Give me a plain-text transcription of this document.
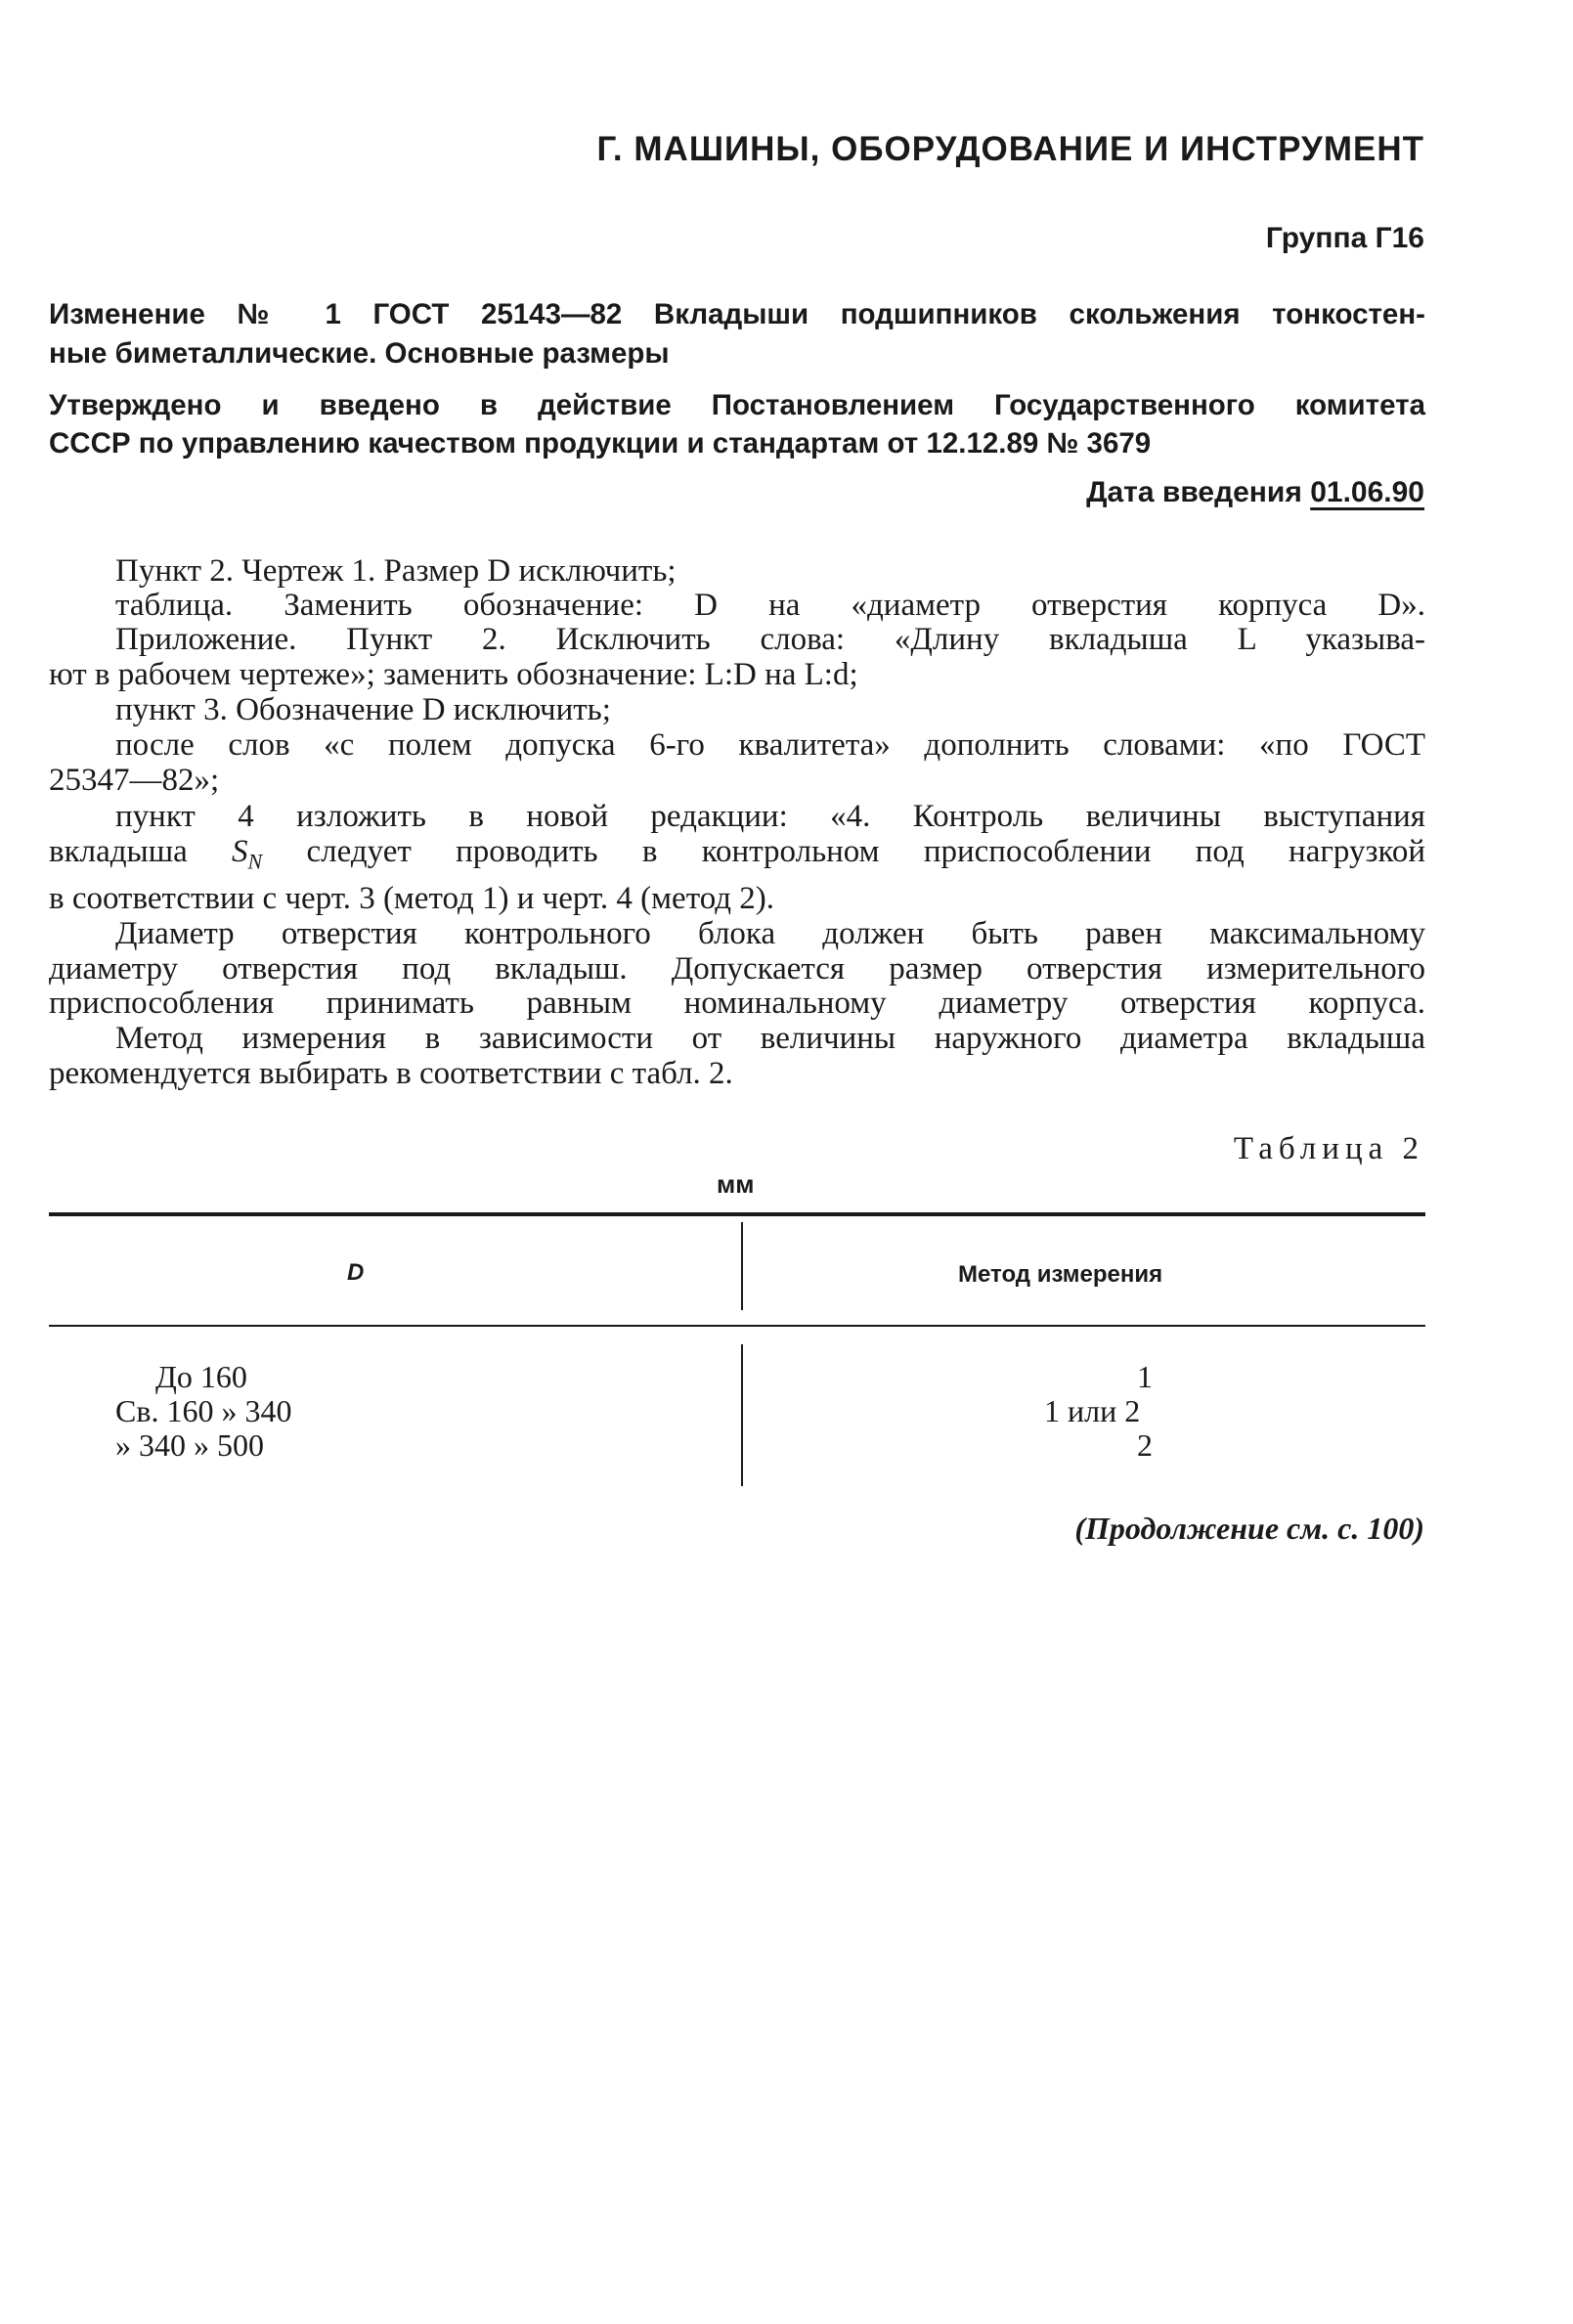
Г. МАШИНЫ, ОБОРУДОВАНИЕ И ИНСТРУМЕНТ
Группа Г16
Изменение № 1 ГОСТ 25143—82 Вкладыши подшипников скольжения тонкостен-
ные биметаллические. Основные размеры
Утверждено и введено в действие Постановлением Государственного комитета
СССР по управлению качеством продукции и стандартам от 12.12.89 № 3679
Дата введения 01.06.90
Пункт 2. Чертеж 1. Размер D исключить;
таблица. Заменить обозначение: D на «диаметр отверстия корпуса D».
Приложение. Пункт 2. Исключить слова: «Длину вкладыша L указыва-
ют в рабочем чертеже»; заменить обозначение: L:D на L:d;
пункт 3. Обозначение D исключить;
после слов «с полем допуска 6-го квалитета» дополнить словами: «по ГОСТ
25347—82»;
пункт 4 изложить в новой редакции: «4. Контроль величины выступания
вкладыша $S_N$ следует проводить в контрольном приспособлении под нагрузкой
в соответствии с черт. 3 (метод 1) и черт. 4 (метод 2).
Диаметр отверстия контрольного блока должен быть равен максимальному
диаметру отверстия под вкладыш. Допускается размер отверстия измерительного
приспособления принимать равным номинальному диаметру отверстия корпуса.
Метод измерения в зависимости от величины наружного диаметра вкладыша
рекомендуется выбирать в соответствии с табл. 2.
Таблица 2
мм
D	Метод измерения
До 160	1
Св. 160 » 340	1 или 2
» 340 » 500	2
(Продолжение см. с. 100)
